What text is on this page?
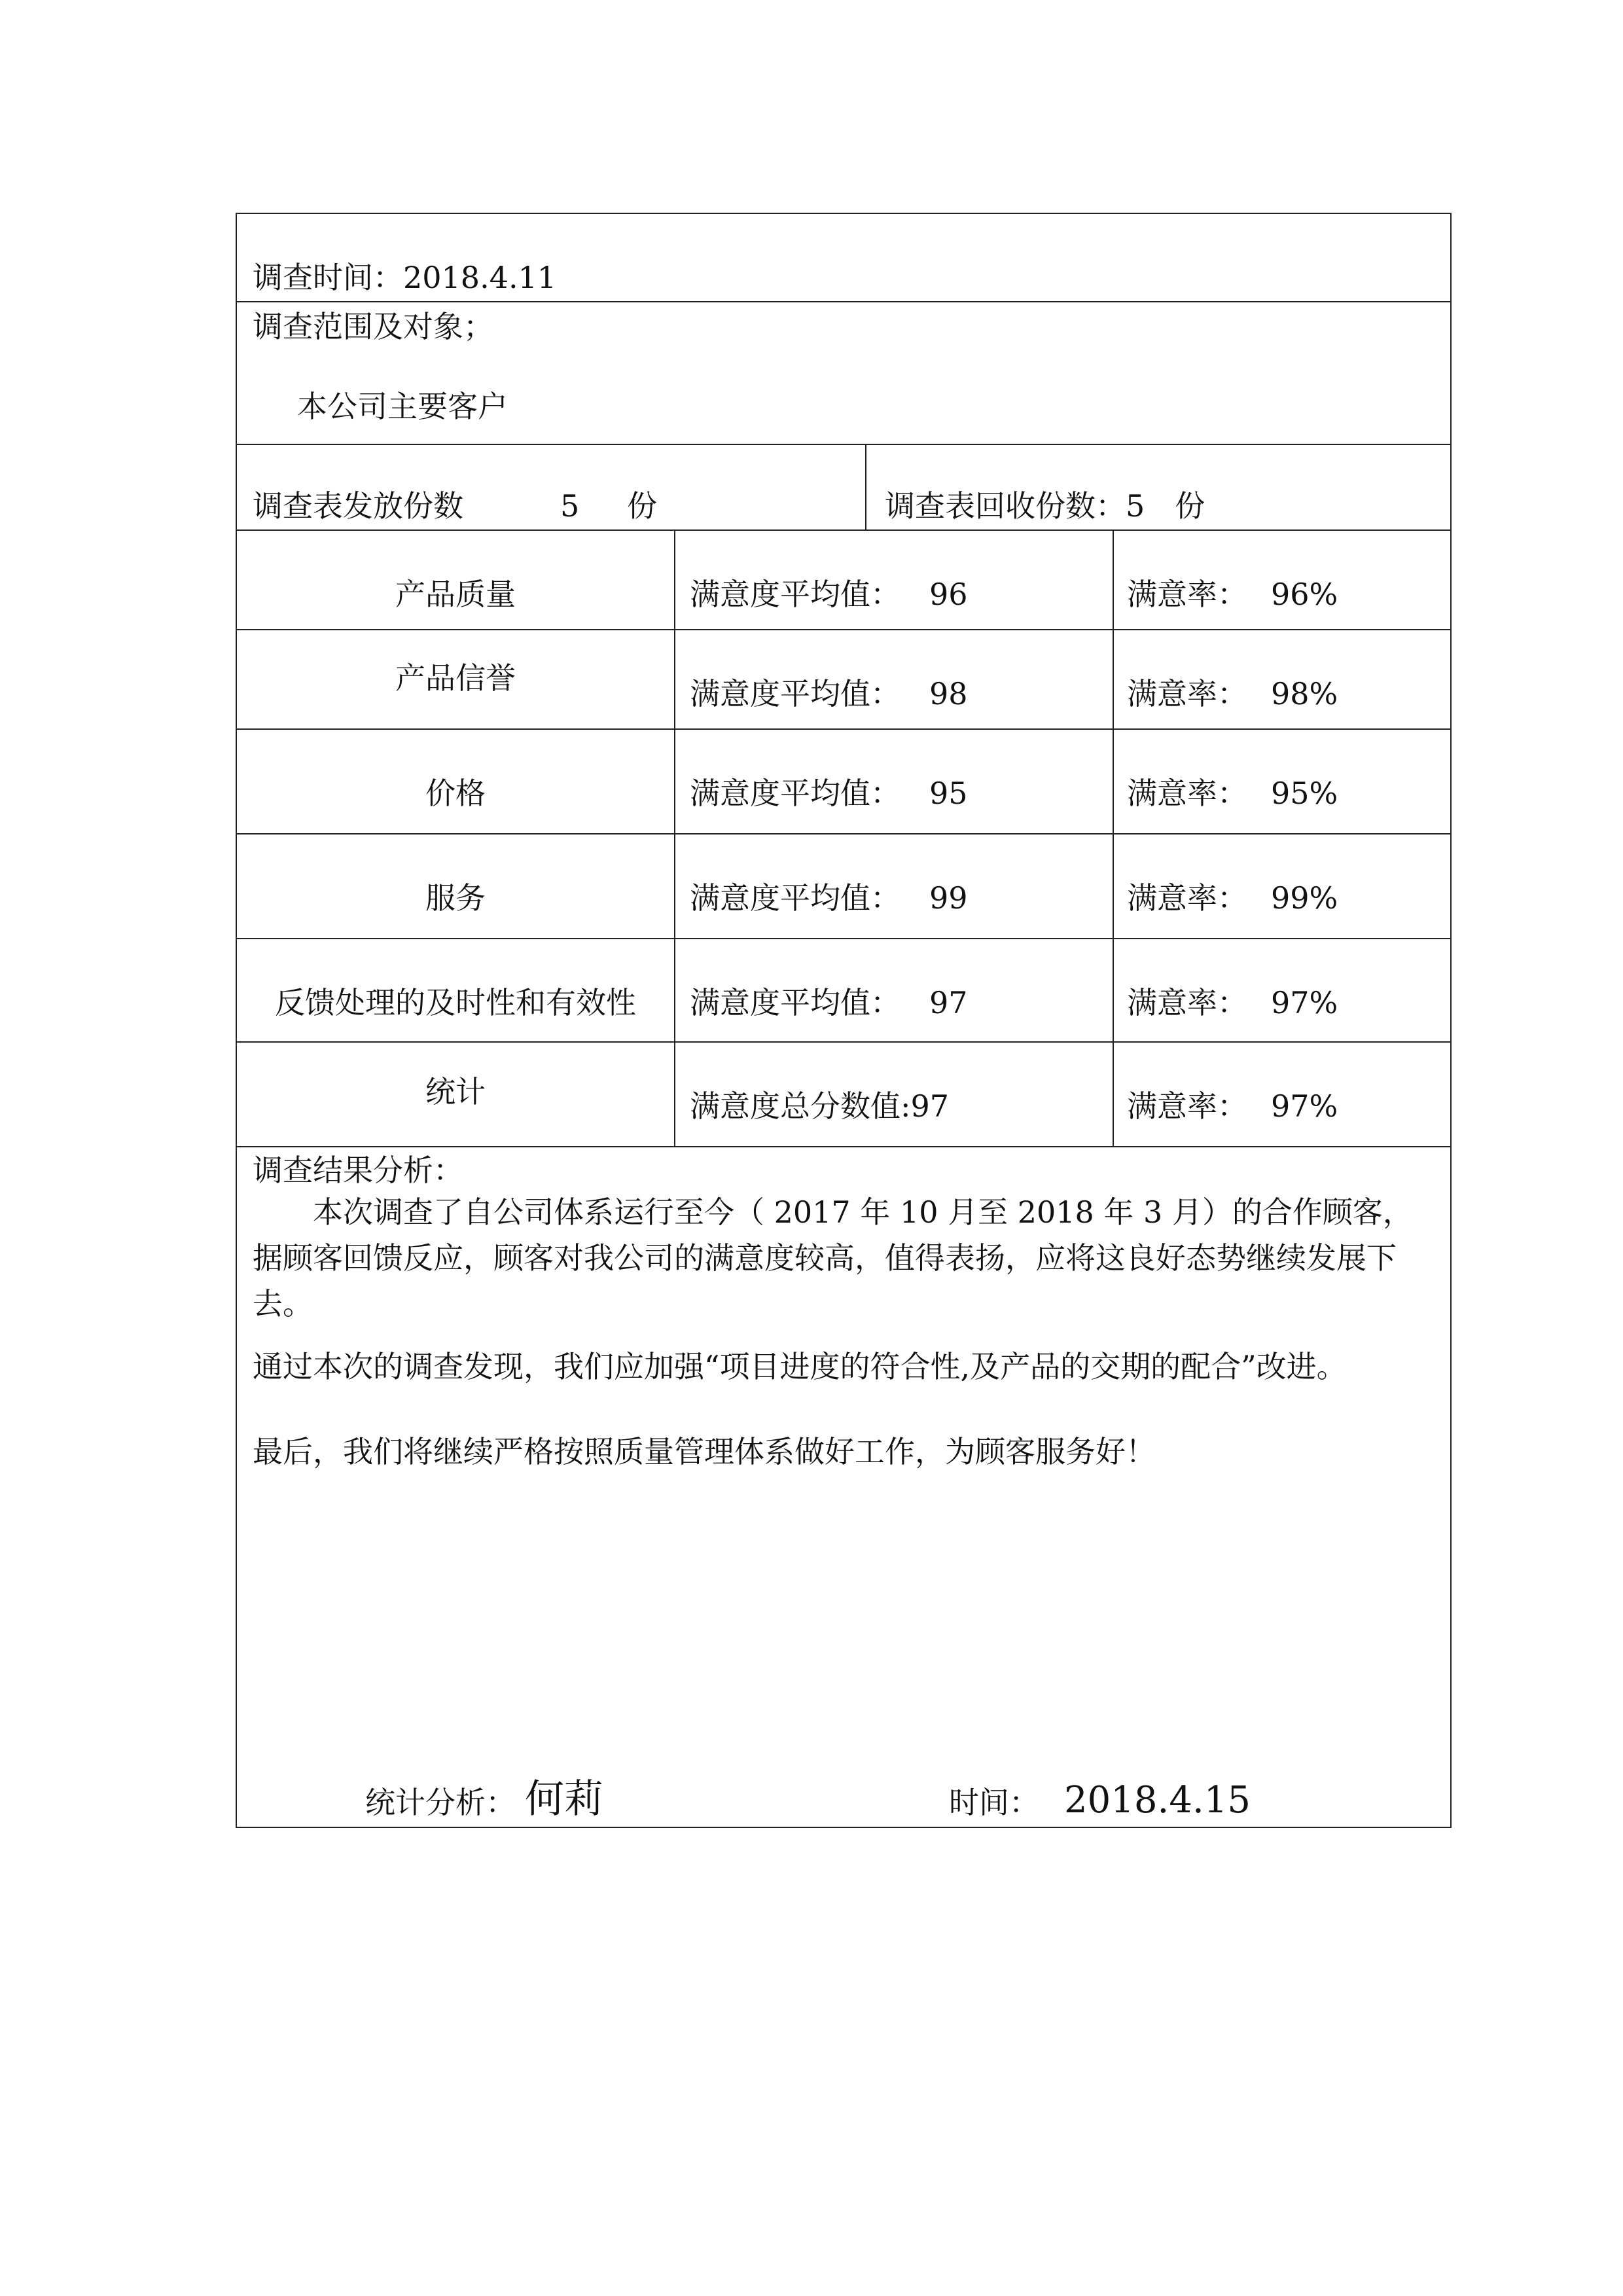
调查时间：2018.4.11
调查范围及对象；
本公司主要客户
调查表发放份数	5 份	调查表回收份数：5　份
产品质量	满意度平均值： 96	满意率： 96%
产品信誉	满意度平均值： 98	满意率： 98%
价格	满意度平均值： 95	满意率： 95%
服务	满意度平均值： 99	满意率： 99%
反馈处理的及时性和有效性	满意度平均值： 97	满意率： 97%
统计	满意度总分数值:97	满意率： 97%
调查结果分析：
本次调查了自公司体系运行至今（ 2017 年 10 月至 2018 年 3 月）的合作顾客，据顾客回馈反应，顾客对我公司的满意度较高，值得表扬，应将这良好态势继续发展下去。
通过本次的调查发现，我们应加强“项目进度的符合性,及产品的交期的配合”改进。
最后，我们将继续严格按照质量管理体系做好工作，为顾客服务好！
统计分析： 何莉	时间： 2018.4.15
